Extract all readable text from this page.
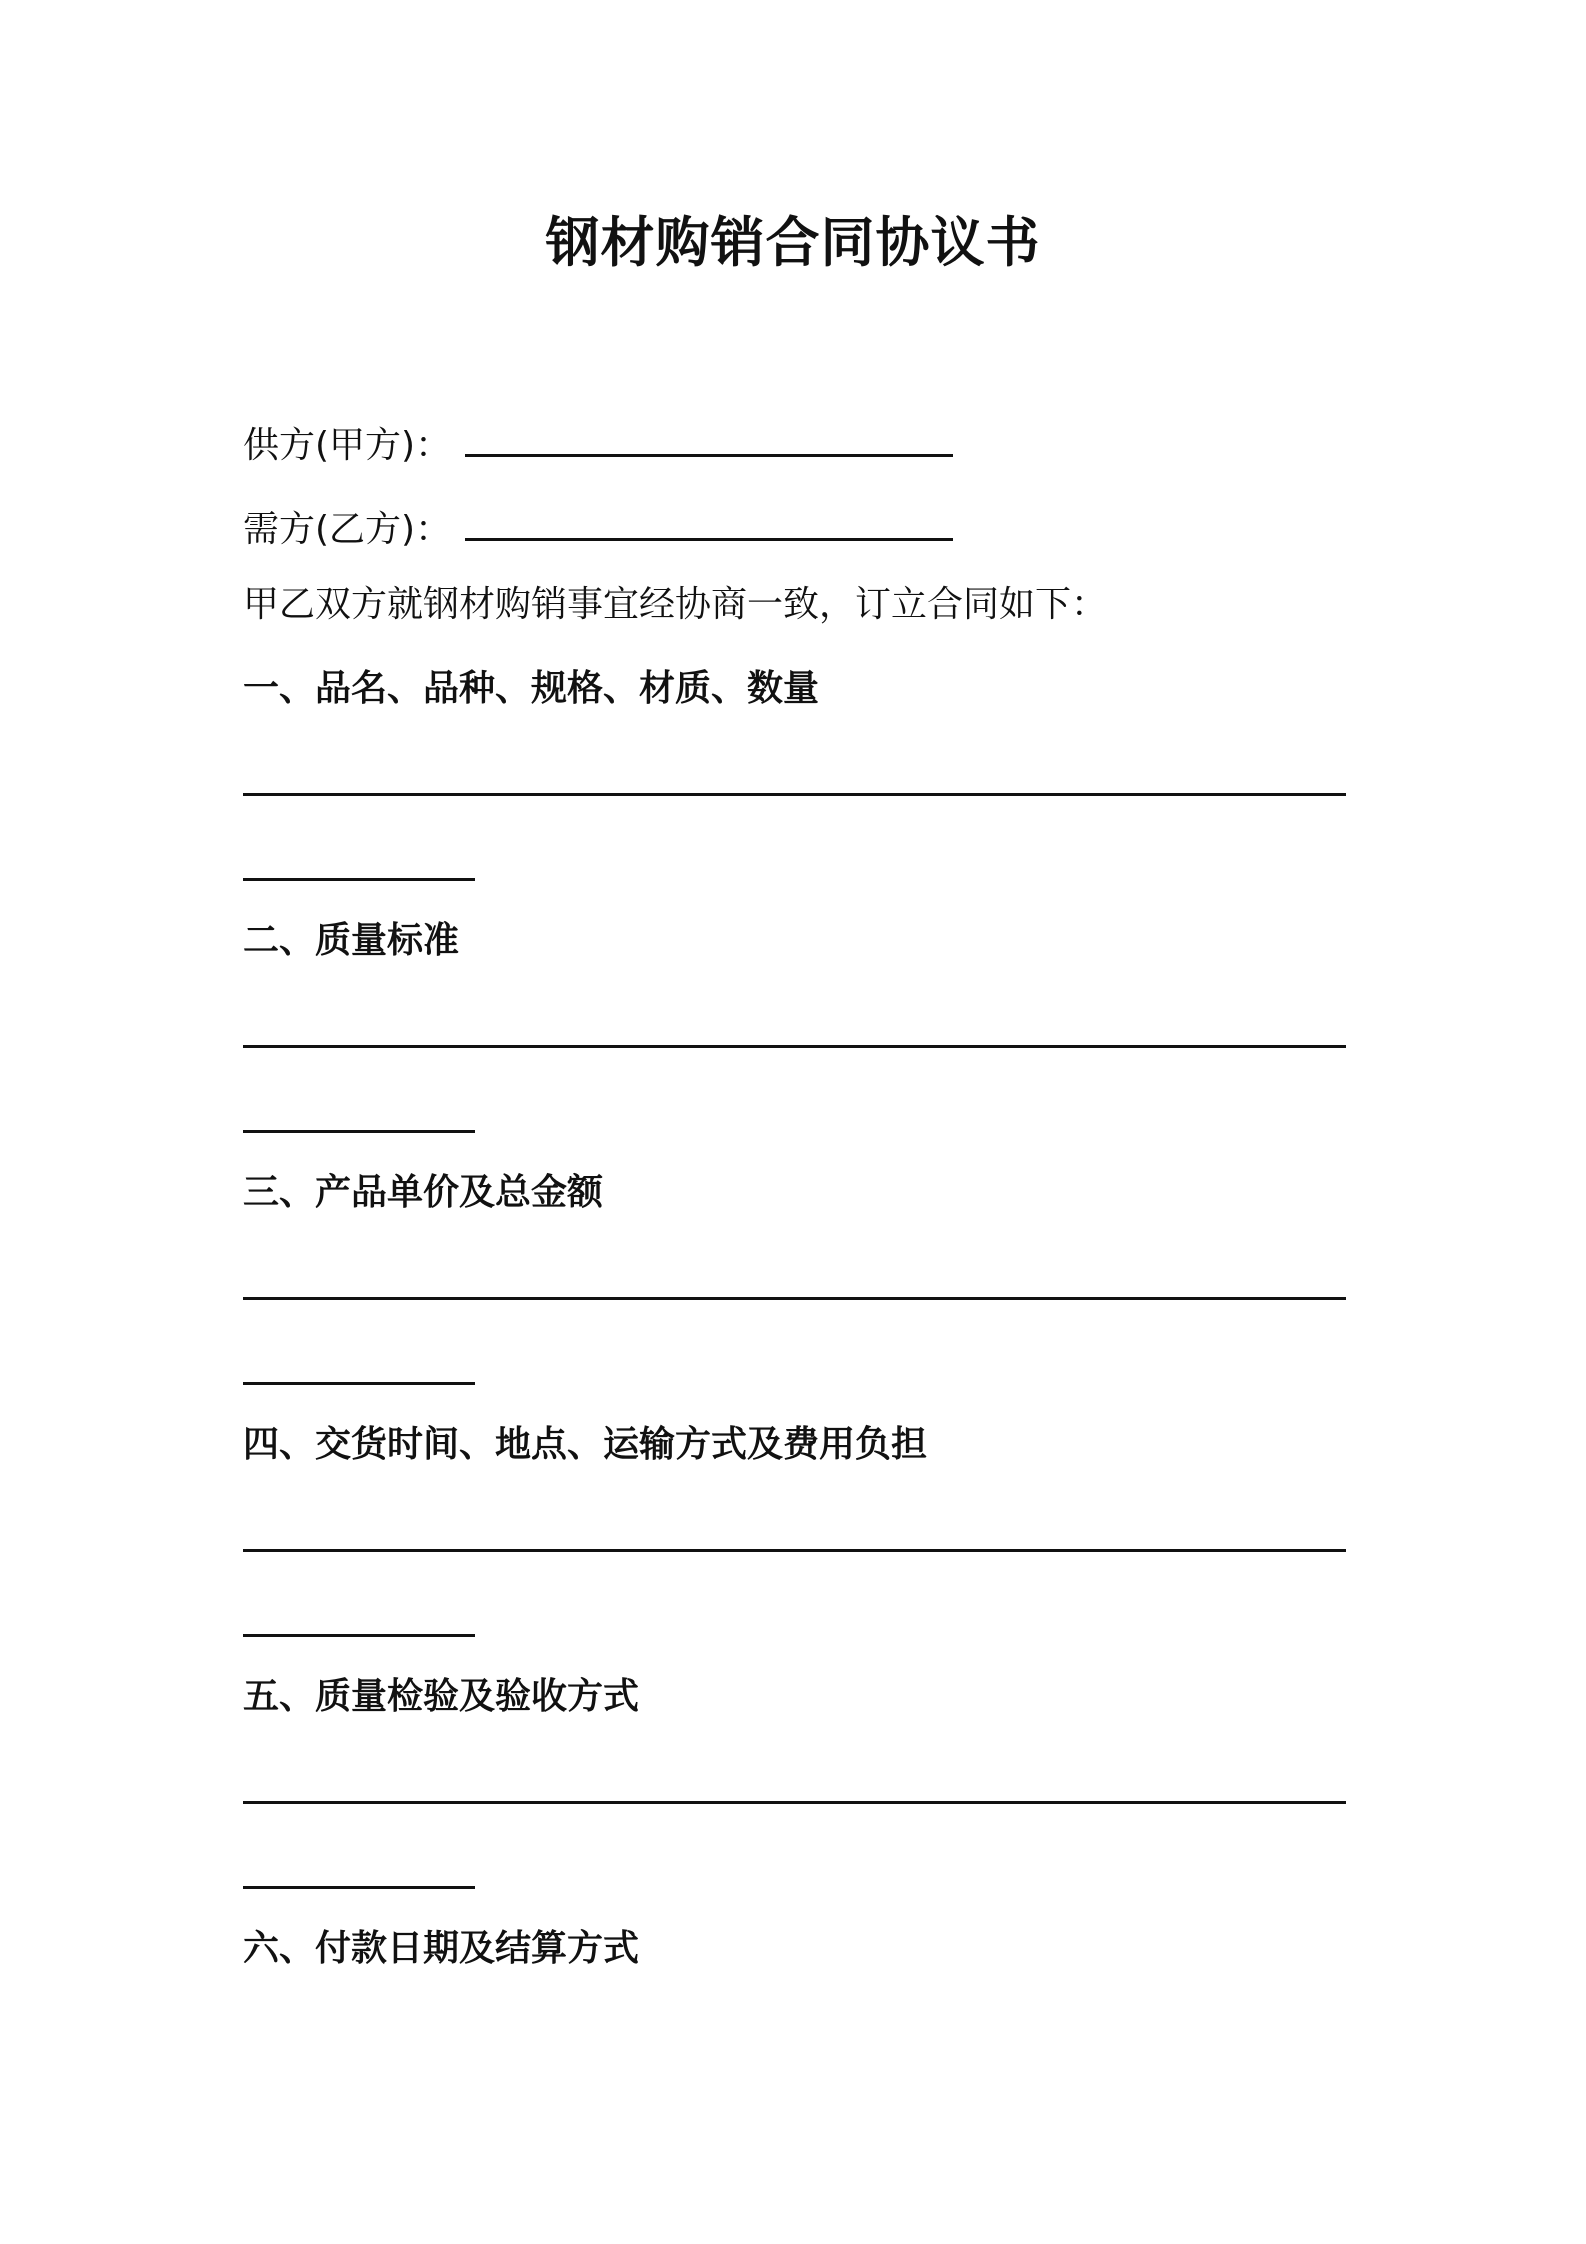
钢材购销合同协议书
供方(甲方)：
需方(乙方)：
甲乙双方就钢材购销事宜经协商一致，订立合同如下：
一、品名、品种、规格、材质、数量
二、质量标准
三、产品单价及总金额
四、交货时间、地点、运输方式及费用负担
五、质量检验及验收方式
六、付款日期及结算方式
